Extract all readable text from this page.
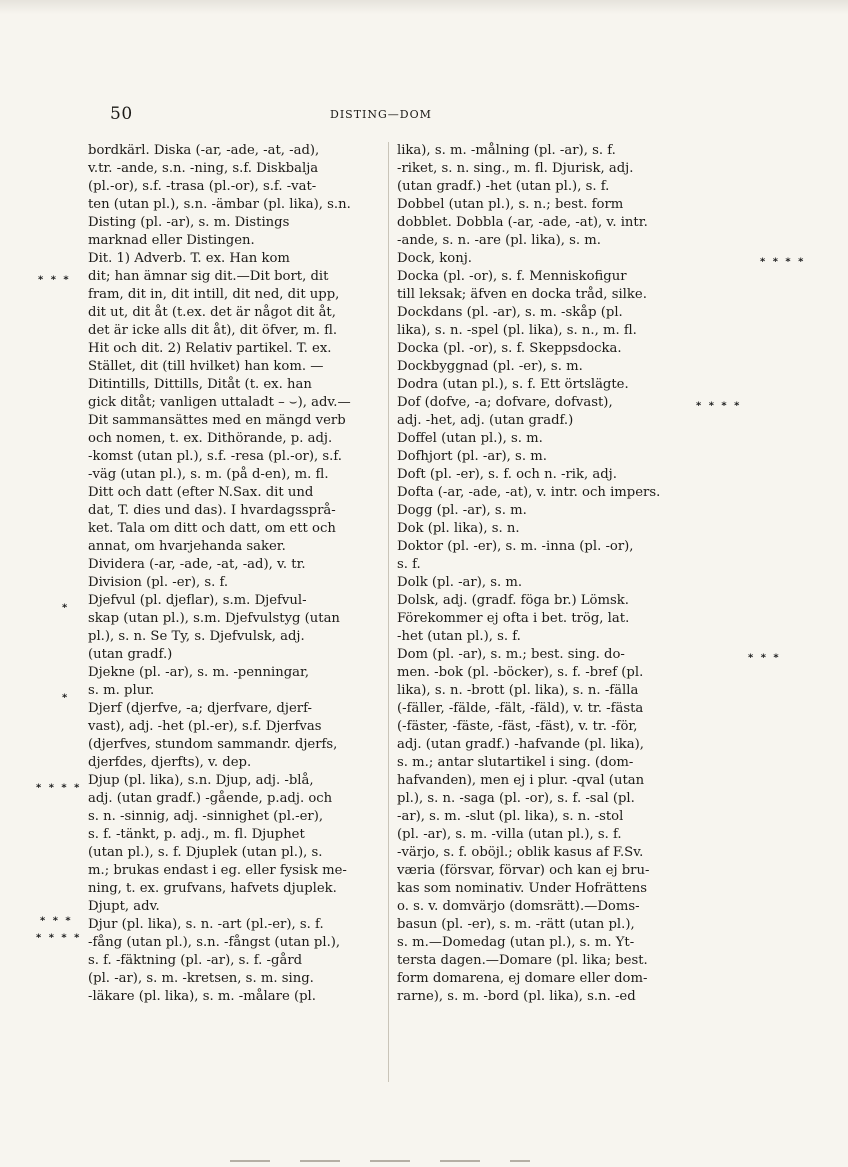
50	DISTING—DOM
bordkärl. Diska (-ar, -ade, -at, -ad),
v.tr. -ande, s.n. -ning, s.f. Diskbalja
(pl.-or), s.f. -trasa (pl.-or), s.f. -vat-
ten (utan pl.), s.n. -ämbar (pl. lika), s.n.
Disting (pl. -ar), s. m. Distings
marknad eller Distingen.
Dit. 1) Adverb. T. ex. Han kom
dit; han ämnar sig dit.—Dit bort, dit
fram, dit in, dit intill, dit ned, dit upp,
dit ut, dit åt (t.ex. det är något dit åt,
det är icke alls dit åt), dit öfver, m. fl.
Hit och dit. 2) Relativ partikel. T. ex.
Stället, dit (till hvilket) han kom. —
Ditintills, Dittills, Ditåt (t. ex. han
gick ditåt; vanligen uttaladt – ⌣), adv.—
Dit sammansättes med en mängd verb
och nomen, t. ex. Dithörande, p. adj.
-komst (utan pl.), s.f. -resa (pl.-or), s.f.
-väg (utan pl.), s. m. (på d-en), m. fl.
Ditt och datt (efter N.Sax. dit und
dat, T. dies und das). I hvardagssprå-
ket. Tala om ditt och datt, om ett och
annat, om hvarjehanda saker.
Dividera (-ar, -ade, -at, -ad), v. tr.
Division (pl. -er), s. f.
Djefvul (pl. djeflar), s.m. Djefvul-
skap (utan pl.), s.m. Djefvulstyg (utan
pl.), s. n. Se Ty, s. Djefvulsk, adj.
(utan gradf.)
Djekne (pl. -ar), s. m. -penningar,
s. m. plur.
Djerf (djerfve, -a; djerfvare, djerf-
vast), adj. -het (pl.-er), s.f. Djerfvas
(djerfves, stundom sammandr. djerfs,
djerfdes, djerfts), v. dep.
Djup (pl. lika), s.n. Djup, adj. -blå,
adj. (utan gradf.) -gående, p.adj. och
s. n. -sinnig, adj. -sinnighet (pl.-er),
s. f. -tänkt, p. adj., m. fl. Djuphet
(utan pl.), s. f. Djuplek (utan pl.), s.
m.; brukas endast i eg. eller fysisk me-
ning, t. ex. grufvans, hafvets djuplek.
Djupt, adv.
Djur (pl. lika), s. n. -art (pl.-er), s. f.
-fång (utan pl.), s.n. -fångst (utan pl.),
s. f. -fäktning (pl. -ar), s. f. -gård
(pl. -ar), s. m. -kretsen, s. m. sing.
-läkare (pl. lika), s. m. -målare (pl.
lika), s. m. -målning (pl. -ar), s. f.
-riket, s. n. sing., m. fl. Djurisk, adj.
(utan gradf.) -het (utan pl.), s. f.
Dobbel (utan pl.), s. n.; best. form
dobblet. Dobbla (-ar, -ade, -at), v. intr.
-ande, s. n. -are (pl. lika), s. m.
Dock, konj.
Docka (pl. -or), s. f. Menniskofigur
till leksak; äfven en docka tråd, silke.
Dockdans (pl. -ar), s. m. -skåp (pl.
lika), s. n. -spel (pl. lika), s. n., m. fl.
Docka (pl. -or), s. f. Skeppsdocka.
Dockbyggnad (pl. -er), s. m.
Dodra (utan pl.), s. f. Ett örtslägte.
Dof (dofve, -a; dofvare, dofvast),
adj. -het, adj. (utan gradf.)
Doffel (utan pl.), s. m.
Dofhjort (pl. -ar), s. m.
Doft (pl. -er), s. f. och n. -rik, adj.
Dofta (-ar, -ade, -at), v. intr. och impers.
Dogg (pl. -ar), s. m.
Dok (pl. lika), s. n.
Doktor (pl. -er), s. m. -inna (pl. -or),
s. f.
Dolk (pl. -ar), s. m.
Dolsk, adj. (gradf. föga br.) Lömsk.
Förekommer ej ofta i bet. trög, lat.
-het (utan pl.), s. f.
Dom (pl. -ar), s. m.; best. sing. do-
men. -bok (pl. -böcker), s. f. -bref (pl.
lika), s. n. -brott (pl. lika), s. n. -fälla
(-fäller, -fälde, -fält, -fäld), v. tr. -fästa
(-fäster, -fäste, -fäst, -fäst), v. tr. -för,
adj. (utan gradf.) -hafvande (pl. lika),
s. m.; antar slutartikel i sing. (dom-
hafvanden), men ej i plur. -qval (utan
pl.), s. n. -saga (pl. -or), s. f. -sal (pl.
-ar), s. m. -slut (pl. lika), s. n. -stol
(pl. -ar), s. m. -villa (utan pl.), s. f.
-värjo, s. f. oböjl.; oblik kasus af F.Sv.
væria (försvar, förvar) och kan ej bru-
kas som nominativ. Under Hofrättens
o. s. v. domvärjo (domsrätt).—Doms-
basun (pl. -er), s. m. -rätt (utan pl.),
s. m.—Domedag (utan pl.), s. m. Yt-
tersta dagen.—Domare (pl. lika; best.
form domarena, ej domare eller dom-
rarne), s. m. -bord (pl. lika), s.n. -ed
⁎ ⁎ ⁎
⁎
⁎
⁎ ⁎ ⁎ ⁎
⁎ ⁎ ⁎
⁎ ⁎ ⁎ ⁎
⁎ ⁎ ⁎ ⁎
⁎ ⁎ ⁎ ⁎
⁎ ⁎ ⁎
